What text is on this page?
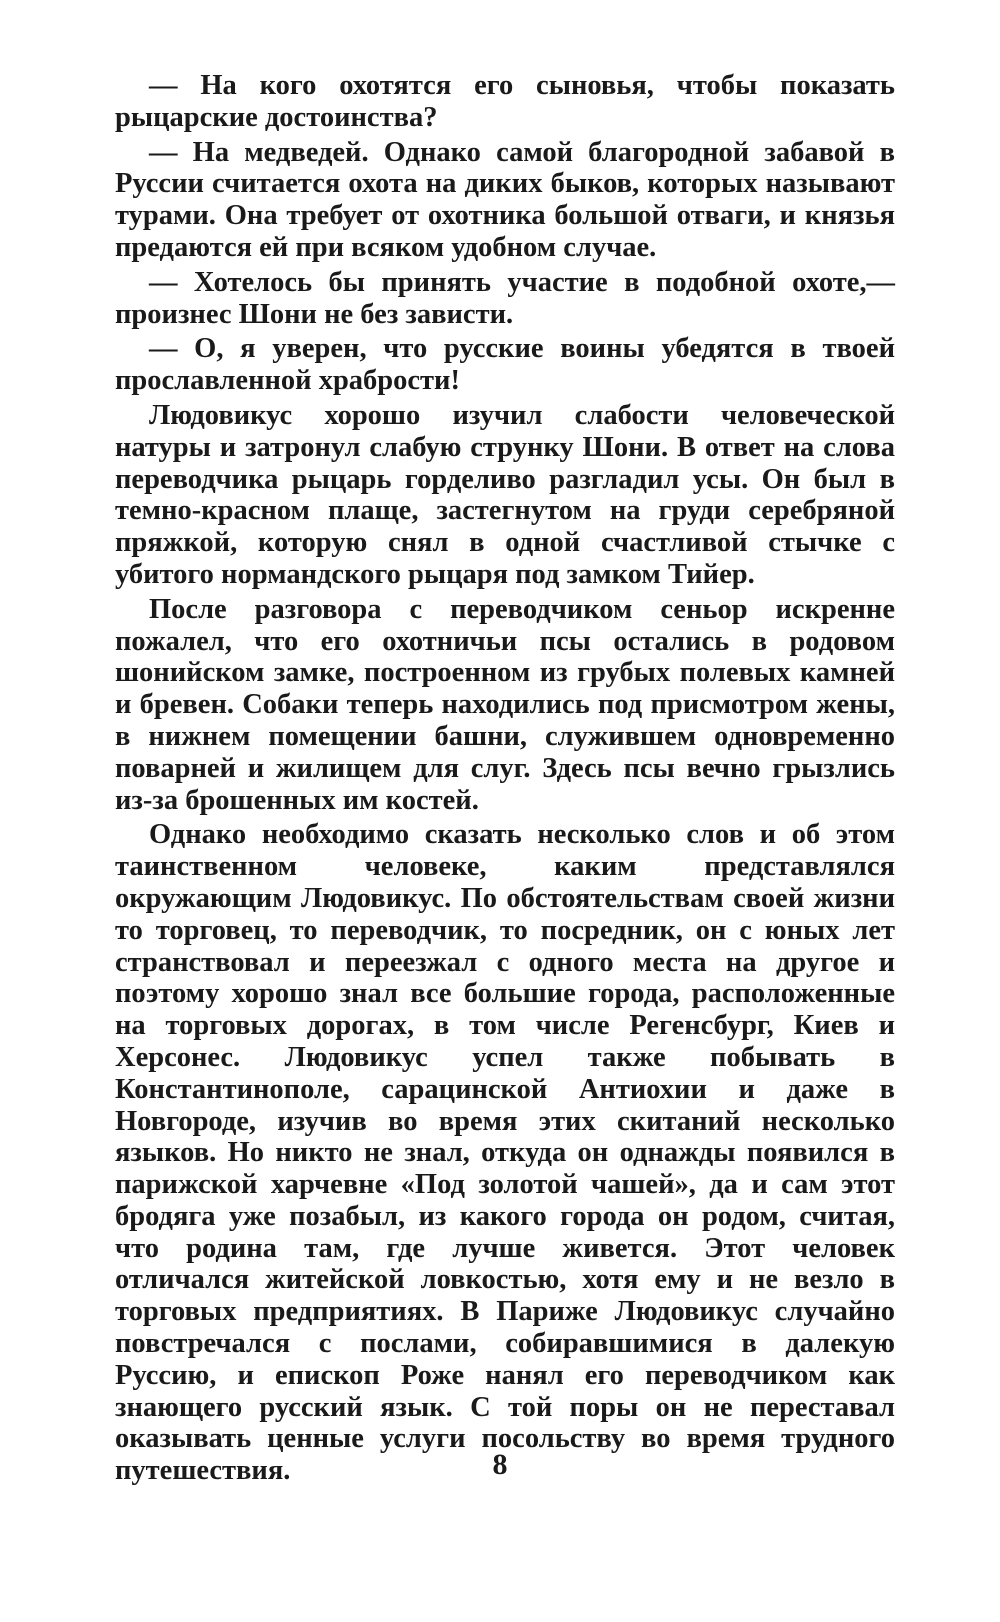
— На кого охотятся его сыновья, чтобы показать рыцарские достоинства?

— На медведей. Однако самой благородной забавой в Руссии считается охота на диких быков, которых называют турами. Она требует от охотника большой отваги, и князья предаются ей при всяком удобном случае.

— Хотелось бы принять участие в подобной охоте,— произнес Шони не без зависти.

— О, я уверен, что русские воины убедятся в твоей прославленной храбрости!

Людовикус хорошо изучил слабости человеческой натуры и затронул слабую струнку Шони. В ответ на слова переводчика рыцарь горделиво разгладил усы. Он был в темно-красном плаще, застегнутом на груди серебряной пряжкой, которую снял в одной счастливой стычке с убитого нормандского рыцаря под замком Тийер.

После разговора с переводчиком сеньор искренне пожалел, что его охотничьи псы остались в родовом шонийском замке, построенном из грубых полевых камней и бревен. Собаки теперь находились под присмотром жены, в нижнем помещении башни, служившем одновременно поварней и жилищем для слуг. Здесь псы вечно грызлись из-за брошенных им костей.

Однако необходимо сказать несколько слов и об этом таинственном человеке, каким представлялся окружающим Людовикус. По обстоятельствам своей жизни то торговец, то переводчик, то посредник, он с юных лет странствовал и переезжал с одного места на другое и поэтому хорошо знал все большие города, расположенные на торговых дорогах, в том числе Регенсбург, Киев и Херсонес. Людовикус успел также побывать в Константинополе, сарацинской Антиохии и даже в Новгороде, изучив во время этих скитаний несколько языков. Но никто не знал, откуда он однажды появился в парижской харчевне «Под золотой чашей», да и сам этот бродяга уже позабыл, из какого города он родом, считая, что родина там, где лучше живется. Этот человек отличался житейской ловкостью, хотя ему и не везло в торговых предприятиях. В Париже Людовикус случайно повстречался с послами, собиравшимися в далекую Руссию, и епископ Роже нанял его переводчиком как знающего русский язык. С той поры он не переставал оказывать ценные услуги посольству во время трудного путешествия.	8
